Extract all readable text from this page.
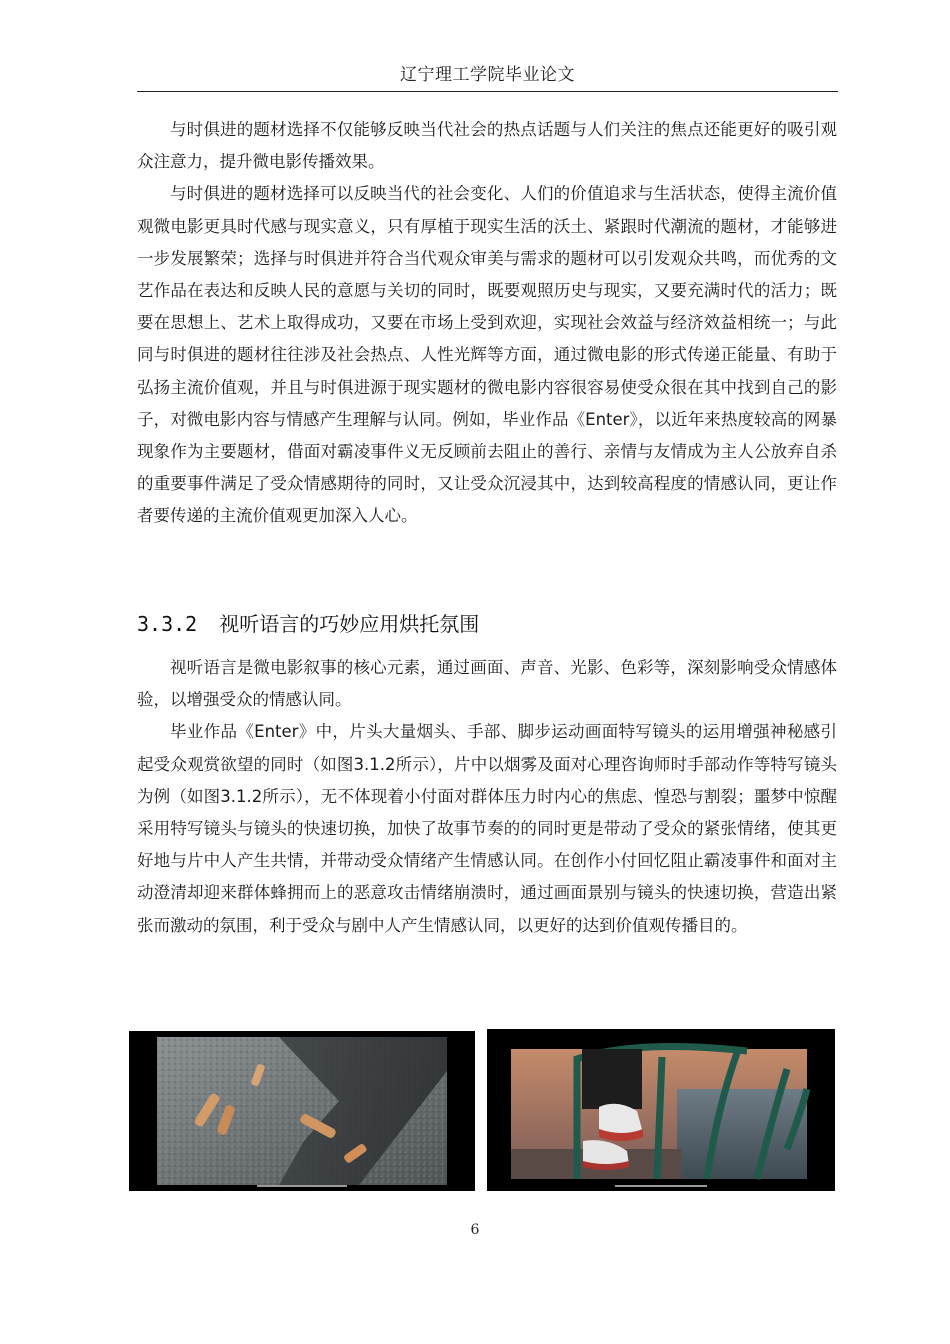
辽宁理工学院毕业论文

与时俱进的题材选择不仅能够反映当代社会的热点话题与人们关注的焦点还能更好的吸引观众注意力，提升微电影传播效果。

与时俱进的题材选择可以反映当代的社会变化、人们的价值追求与生活状态，使得主流价值观微电影更具时代感与现实意义，只有厚植于现实生活的沃土、紧跟时代潮流的题材，才能够进一步发展繁荣；选择与时俱进并符合当代观众审美与需求的题材可以引发观众共鸣，而优秀的文艺作品在表达和反映人民的意愿与关切的同时，既要观照历史与现实，又要充满时代的活力；既要在思想上、艺术上取得成功，又要在市场上受到欢迎，实现社会效益与经济效益相统一；与此同与时俱进的题材往往涉及社会热点、人性光辉等方面，通过微电影的形式传递正能量、有助于弘扬主流价值观，并且与时俱进源于现实题材的微电影内容很容易使受众很在其中找到自己的影子，对微电影内容与情感产生理解与认同。例如，毕业作品《Enter》，以近年来热度较高的网暴现象作为主要题材，借面对霸凌事件义无反顾前去阻止的善行、亲情与友情成为主人公放弃自杀的重要事件满足了受众情感期待的同时，又让受众沉浸其中，达到较高程度的情感认同，更让作者要传递的主流价值观更加深入人心。

3.3.2 视听语言的巧妙应用烘托氛围

视听语言是微电影叙事的核心元素，通过画面、声音、光影、色彩等，深刻影响受众情感体验，以增强受众的情感认同。

毕业作品《Enter》中，片头大量烟头、手部、脚步运动画面特写镜头的运用增强神秘感引起受众观赏欲望的同时（如图3.1.2所示），片中以烟雾及面对心理咨询师时手部动作等特写镜头为例（如图3.1.2所示），无不体现着小付面对群体压力时内心的焦虑、惶恐与割裂；噩梦中惊醒采用特写镜头与镜头的快速切换，加快了故事节奏的的同时更是带动了受众的紧张情绪，使其更好地与片中人产生共情，并带动受众情绪产生情感认同。在创作小付回忆阻止霸凌事件和面对主动澄清却迎来群体蜂拥而上的恶意攻击情绪崩溃时，通过画面景别与镜头的快速切换，营造出紧张而激动的氛围，利于受众与剧中人产生情感认同，以更好的达到价值观传播目的。

6
